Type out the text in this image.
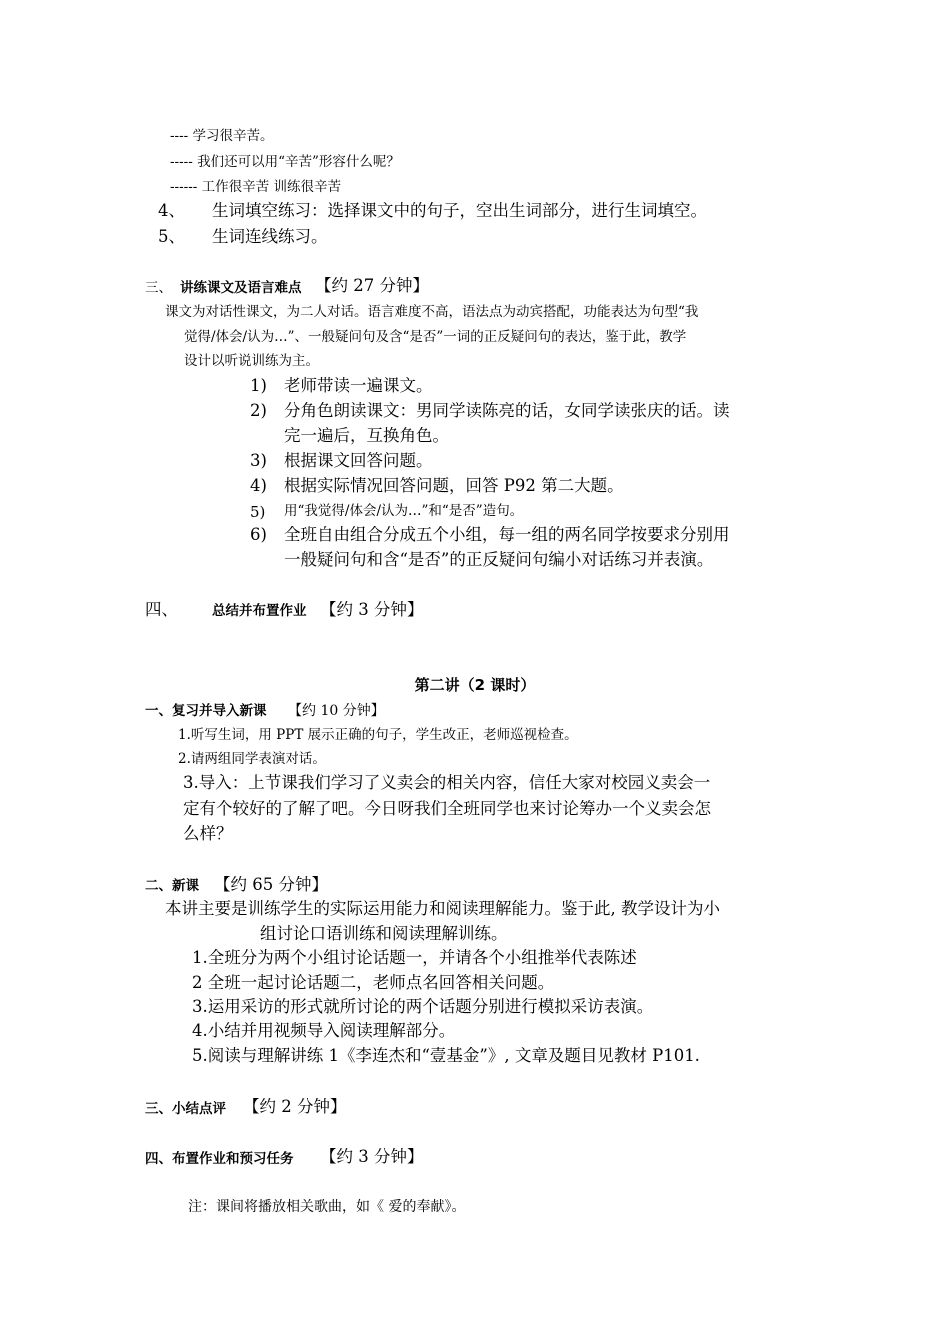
---- 学习很辛苦。
----- 我们还可以用“辛苦”形容什么呢？
------ 工作很辛苦 训练很辛苦
4、 生词填空练习：选择课文中的句子，空出生词部分，进行生词填空。
5、 生词连线练习。
三、 讲练课文及语言难点 【约 27 分钟】
课文为对话性课文，为二人对话。语言难度不高，语法点为动宾搭配，功能表达为句型“我
觉得/体会/认为…”、一般疑问句及含“是否”一词的正反疑问句的表达，鉴于此，教学
设计以听说训练为主。
1) 老师带读一遍课文。
2) 分角色朗读课文：男同学读陈亮的话，女同学读张庆的话。读
完一遍后，互换角色。
3) 根据课文回答问题。
4) 根据实际情况回答问题，回答 P92 第二大题。
5) 用“我觉得/体会/认为…”和“是否”造句。
6) 全班自由组合分成五个小组，每一组的两名同学按要求分别用
一般疑问句和含“是否”的正反疑问句编小对话练习并表演。
四、	总结并布置作业 【约 3 分钟】
第二讲（2 课时）
一、复习并导入新课 【约 10 分钟】
1.听写生词，用 PPT 展示正确的句子，学生改正，老师巡视检查。
2.请两组同学表演对话。
3.导入：上节课我们学习了义卖会的相关内容，信任大家对校园义卖会一
定有个较好的了解了吧。今日呀我们全班同学也来讨论筹办一个义卖会怎
么样？
二、新课 【约 65 分钟】
本讲主要是训练学生的实际运用能力和阅读理解能力。鉴于此, 教学设计为小
组讨论口语训练和阅读理解训练。
1.全班分为两个小组讨论话题一，并请各个小组推举代表陈述
2 全班一起讨论话题二，老师点名回答相关问题。
3.运用采访的形式就所讨论的两个话题分别进行模拟采访表演。
4.小结并用视频导入阅读理解部分。
5.阅读与理解讲练 1《李连杰和“壹基金”》, 文章及题目见教材 P101.
三、小结点评 【约 2 分钟】
四、布置作业和预习任务 【约 3 分钟】
注：课间将播放相关歌曲，如《 爱的奉献》。
